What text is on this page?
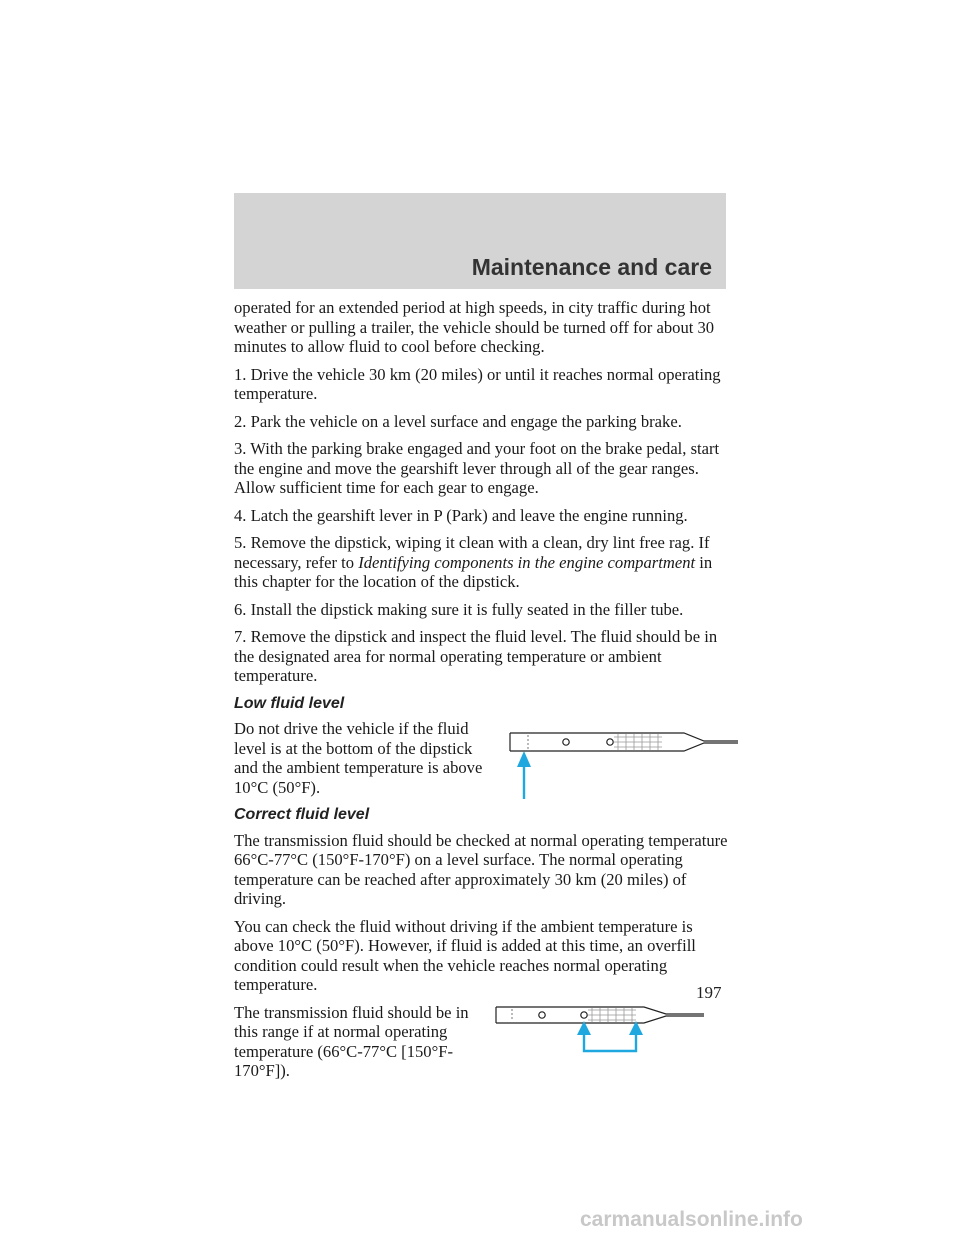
Maintenance and care

operated for an extended period at high speeds, in city traffic during hot weather or pulling a trailer, the vehicle should be turned off for about 30 minutes to allow fluid to cool before checking.

1. Drive the vehicle 30 km (20 miles) or until it reaches normal operating temperature.

2. Park the vehicle on a level surface and engage the parking brake.

3. With the parking brake engaged and your foot on the brake pedal, start the engine and move the gearshift lever through all of the gear ranges. Allow sufficient time for each gear to engage.

4. Latch the gearshift lever in P (Park) and leave the engine running.

5. Remove the dipstick, wiping it clean with a clean, dry lint free rag. If necessary, refer to Identifying components in the engine compartment in this chapter for the location of the dipstick.

6. Install the dipstick making sure it is fully seated in the filler tube.

7. Remove the dipstick and inspect the fluid level. The fluid should be in the designated area for normal operating temperature or ambient temperature.

Low fluid level

Do not drive the vehicle if the fluid level is at the bottom of the dipstick and the ambient temperature is above 10°C (50°F).

Correct fluid level

The transmission fluid should be checked at normal operating temperature 66°C-77°C (150°F-170°F) on a level surface. The normal operating temperature can be reached after approximately 30 km (20 miles) of driving.

You can check the fluid without driving if the ambient temperature is above 10°C (50°F). However, if fluid is added at this time, an overfill condition could result when the vehicle reaches normal operating temperature.

The transmission fluid should be in this range if at normal operating temperature (66°C-77°C [150°F-170°F]).

197
carmanualsonline.info
